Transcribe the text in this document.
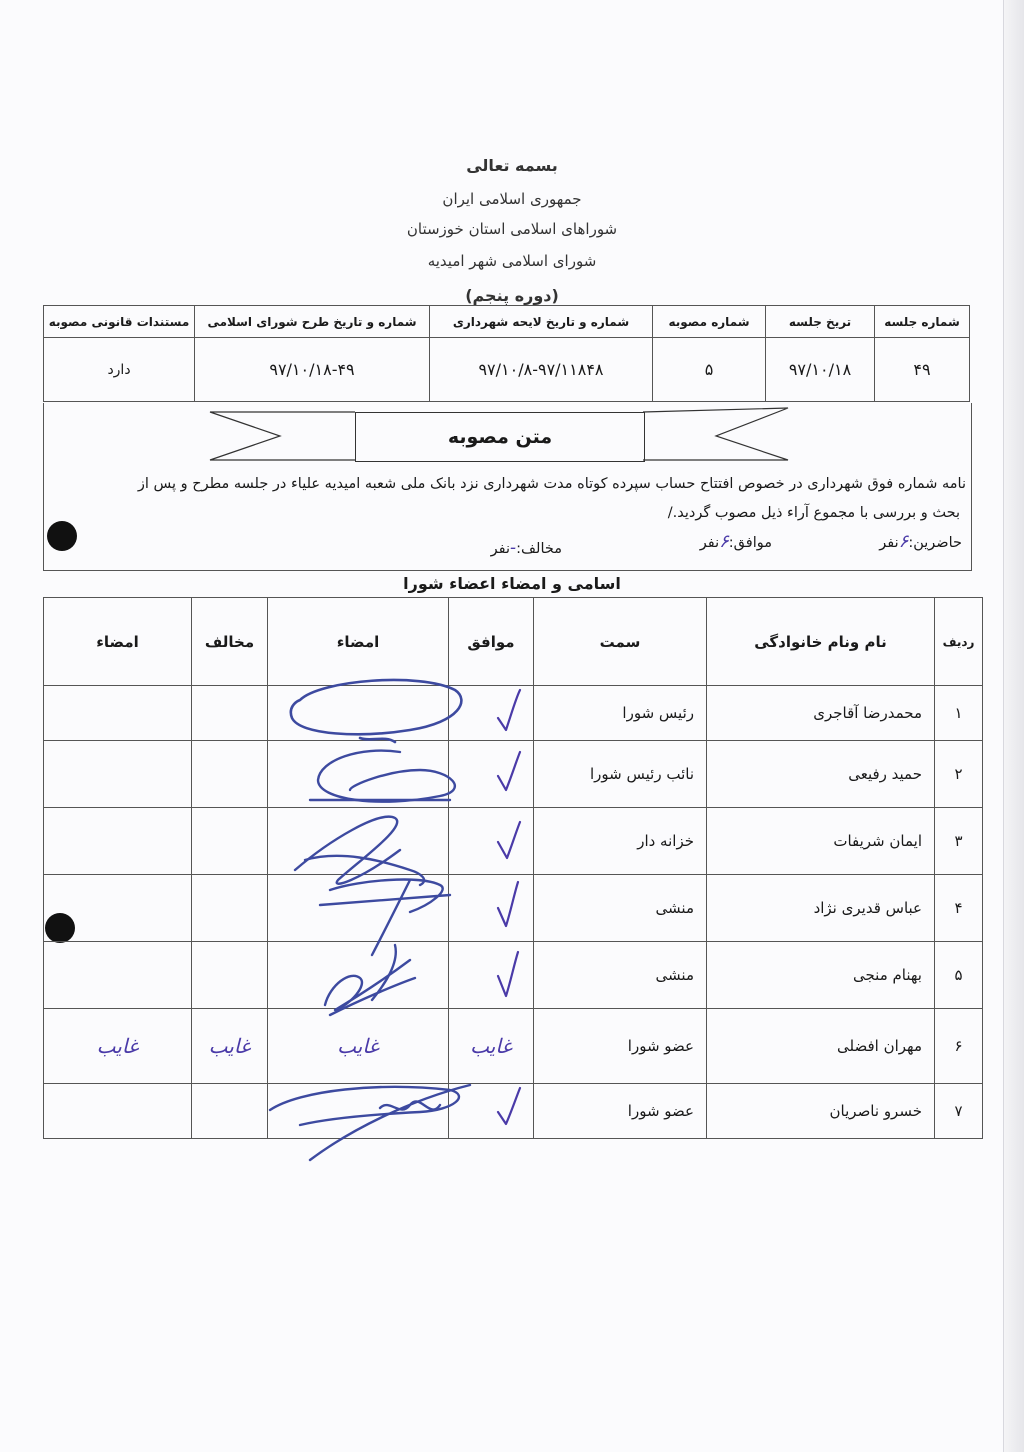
بسمه تعالی
جمهوری اسلامی ایران
شوراهای اسلامی استان خوزستان
شورای اسلامی شهر امیدیه
(دوره پنجم)
شماره جلسه	تریخ جلسه	شماره مصوبه	شماره و تاریخ لایحه شهرداری	شماره و تاریخ طرح شورای اسلامی	مستندات قانونی مصوبه
۴۹	۹۷/۱۰/۱۸	۵	۹۷/۱۰/۸-۹۷/۱۱۸۴۸	۹۷/۱۰/۱۸-۴۹	دارد
متن مصوبه
نامه شماره فوق شهرداری در خصوص افتتاح حساب سپرده کوتاه مدت شهرداری نزد بانک ملی شعبه امیدیه علیاء در جلسه مطرح و پس از
بحث و بررسی با مجموع آراء ذیل مصوب گردید./
حاضرین:۶نفر
موافق:۶نفر
مخالف:-نفر
اسامی و امضاء اعضاء شورا
ردیف	نام ونام خانوادگی	سمت	موافق	امضاء	مخالف	امضاء
۱	محمدرضا آقاجری	رئیس شورا				
۲	حمید رفیعی	نائب رئیس شورا				
۳	ایمان شریفات	خزانه دار				
۴	عباس قدیری نژاد	منشی				
۵	بهنام منجی	منشی				
۶	مهران افضلی	عضو شورا	غایب	غایب	غایب	غایب
۷	خسرو ناصریان	عضو شورا				
